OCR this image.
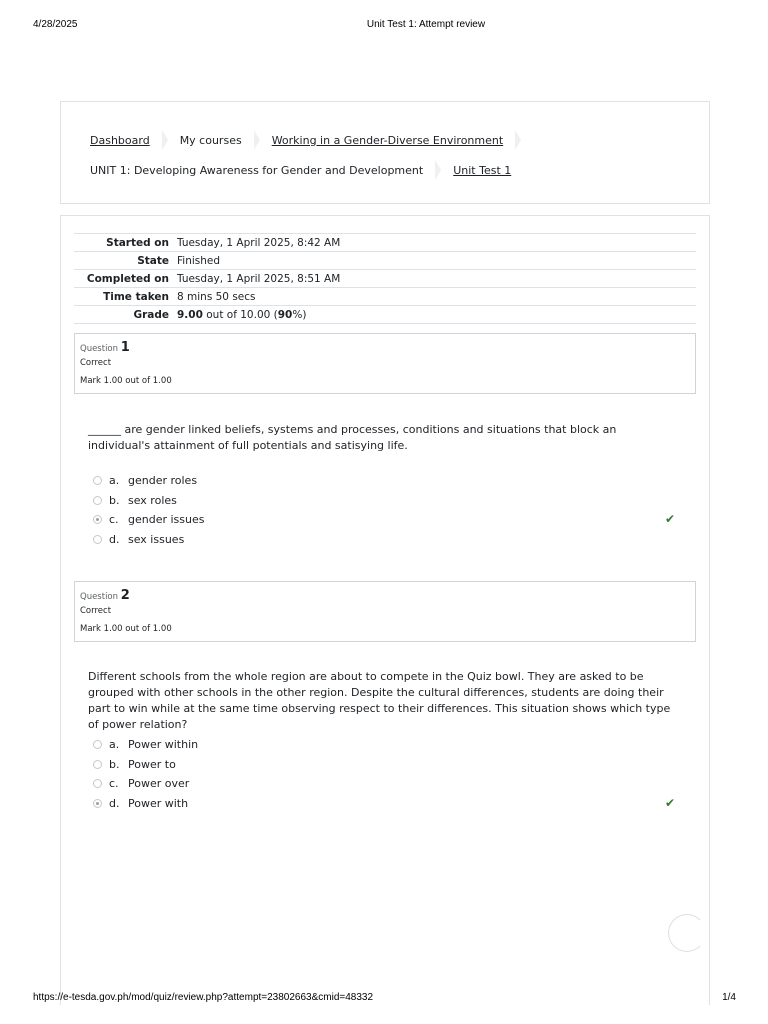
4/28/2025	Unit Test 1: Attempt review
Dashboard	My courses	Working in a Gender-Diverse Environment
UNIT 1: Developing Awareness for Gender and Development	Unit Test 1
Started on	Tuesday, 1 April 2025, 8:42 AM
State	Finished
Completed on	Tuesday, 1 April 2025, 8:51 AM
Time taken	8 mins 50 secs
Grade	9.00 out of 10.00 (90%)
Question 1
Correct
Mark 1.00 out of 1.00
______ are gender linked beliefs, systems and processes, conditions and situations that block an individual's attainment of full potentials and satisying life.
a. gender roles
b. sex roles
c. gender issues	✔
d. sex issues
Question 2
Correct
Mark 1.00 out of 1.00
Different schools from the whole region are about to compete in the Quiz bowl. They are asked to be grouped with other schools in the other region. Despite the cultural differences, students are doing their part to win while at the same time observing respect to their differences. This situation shows which type of power relation?
a. Power within
b. Power to
c. Power over
d. Power with	✔
https://e-tesda.gov.ph/mod/quiz/review.php?attempt=23802663&cmid=48332	1/4
